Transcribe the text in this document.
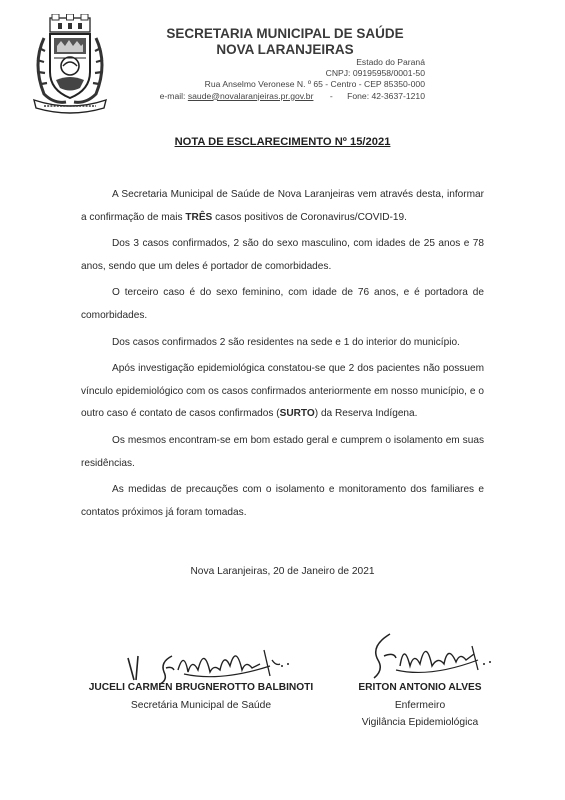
SECRETARIA MUNICIPAL DE SAÚDE
NOVA LARANJEIRAS
Estado do Paraná
CNPJ: 09195958/0001-50
Rua Anselmo Veronese N. º 65 - Centro - CEP 85350-000
e-mail: saude@novalaranjeiras.pr.gov.br - Fone: 42-3637-1210
NOTA DE ESCLARECIMENTO Nº 15/2021

A Secretaria Municipal de Saúde de Nova Laranjeiras vem através desta, informar a confirmação de mais TRÊS casos positivos de Coronavirus/COVID-19.

Dos 3 casos confirmados, 2 são do sexo masculino, com idades de 25 anos e 78 anos, sendo que um deles é portador de comorbidades.

O terceiro caso é do sexo feminino, com idade de 76 anos, e é portadora de comorbidades.

Dos casos confirmados 2 são residentes na sede e 1 do interior do município.

Após investigação epidemiológica constatou-se que 2 dos pacientes não possuem vínculo epidemiológico com os casos confirmados anteriormente em nosso município, e o outro caso é contato de casos confirmados (SURTO) da Reserva Indígena.

Os mesmos encontram-se em bom estado geral e cumprem o isolamento em suas residências.

As medidas de precauções com o isolamento e monitoramento dos familiares e contatos próximos já foram tomadas.

Nova Laranjeiras, 20 de Janeiro de 2021
JUCELI CARMEN BRUGNEROTTO BALBINOTI
Secretária Municipal de Saúde
ERITON ANTONIO ALVES
Enfermeiro
Vigilância Epidemiológica
